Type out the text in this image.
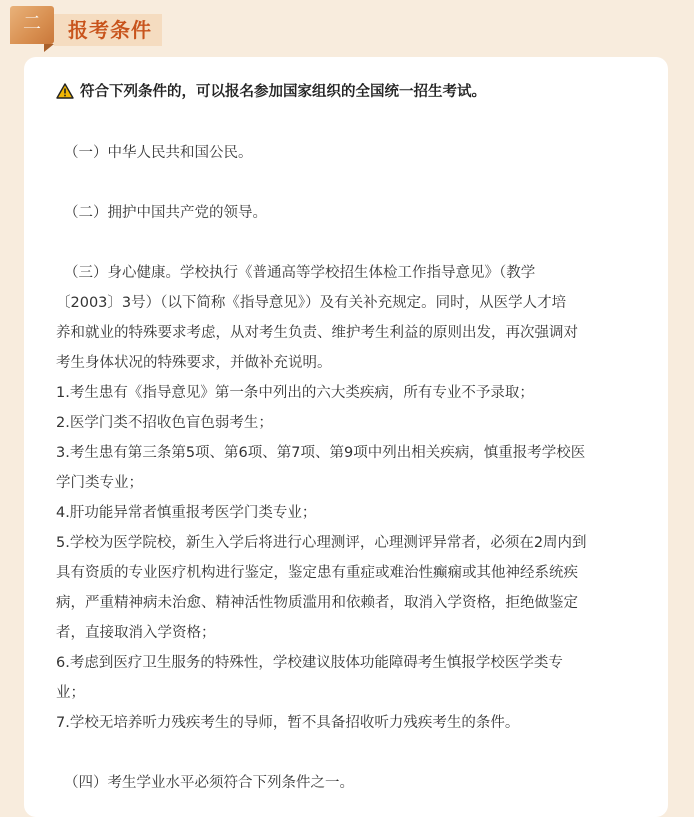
二	报考条件
符合下列条件的，可以报名参加国家组织的全国统一招生考试。
（一）中华人民共和国公民。
（二）拥护中国共产党的领导。
（三）身心健康。学校执行《普通高等学校招生体检工作指导意见》（教学
〔2003〕3号）（以下简称《指导意见》）及有关补充规定。同时，从医学人才培
养和就业的特殊要求考虑，从对考生负责、维护考生利益的原则出发，再次强调对
考生身体状况的特殊要求，并做补充说明。
1.考生患有《指导意见》第一条中列出的六大类疾病，所有专业不予录取；
2.医学门类不招收色盲色弱考生；
3.考生患有第三条第5项、第6项、第7项、第9项中列出相关疾病，慎重报考学校医
学门类专业；
4.肝功能异常者慎重报考医学门类专业；
5.学校为医学院校，新生入学后将进行心理测评，心理测评异常者，必须在2周内到
具有资质的专业医疗机构进行鉴定，鉴定患有重症或难治性癫痫或其他神经系统疾
病，严重精神病未治愈、精神活性物质滥用和依赖者，取消入学资格，拒绝做鉴定
者，直接取消入学资格；
6.考虑到医疗卫生服务的特殊性，学校建议肢体功能障碍考生慎报学校医学类专
业；
7.学校无培养听力残疾考生的导师，暂不具备招收听力残疾考生的条件。
（四）考生学业水平必须符合下列条件之一。
